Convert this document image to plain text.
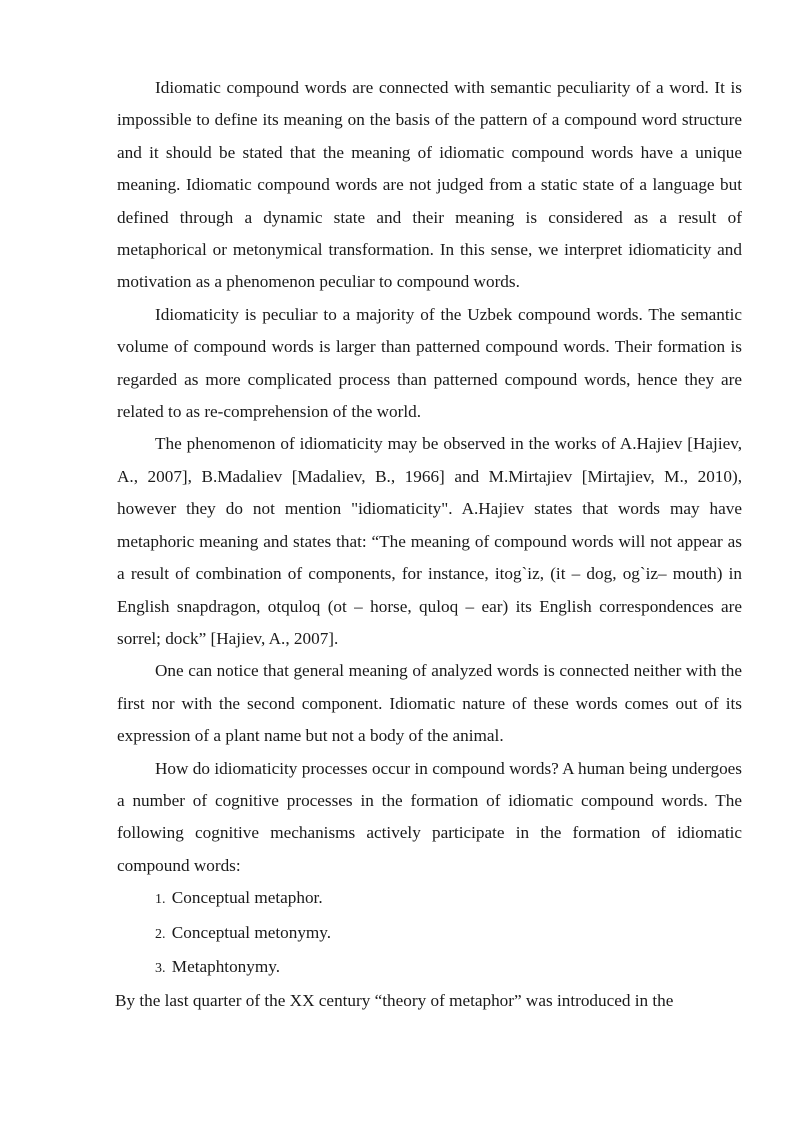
Idiomatic compound words are connected with semantic peculiarity of a word. It is impossible to define its meaning on the basis of the pattern of a compound word structure and it should be stated that the meaning of idiomatic compound words have a unique meaning. Idiomatic compound words are not judged from a static state of a language but defined through a dynamic state and their meaning is considered as a result of metaphorical or metonymical transformation. In this sense, we interpret idiomaticity and motivation as a phenomenon peculiar to compound words.

Idiomaticity is peculiar to a majority of the Uzbek compound words. The semantic volume of compound words is larger than patterned compound words. Their formation is regarded as more complicated process than patterned compound words, hence they are related to as re-comprehension of the world.

The phenomenon of idiomaticity may be observed in the works of A.Hajiev [Hajiev, A., 2007], B.Madaliev [Madaliev, B., 1966] and M.Mirtajiev [Mirtajiev, M., 2010), however they do not mention "idiomaticity". A.Hajiev states that words may have metaphoric meaning and states that: “The meaning of compound words will not appear as a result of combination of components, for instance, itog`iz, (it – dog, og`iz– mouth) in English snapdragon, otquloq (ot – horse, quloq – ear) its English correspondences are sorrel; dock” [Hajiev, A., 2007].

One can notice that general meaning of analyzed words is connected neither with the first nor with the second component. Idiomatic nature of these words comes out of its expression of a plant name but not a body of the animal.

How do idiomaticity processes occur in compound words? A human being undergoes a number of cognitive processes in the formation of idiomatic compound words. The following cognitive mechanisms actively participate in the formation of idiomatic compound words:

1. Conceptual metaphor.
2. Conceptual metonymy.
3. Metaphtonymy.

By the last quarter of the XX century “theory of metaphor” was introduced in the
